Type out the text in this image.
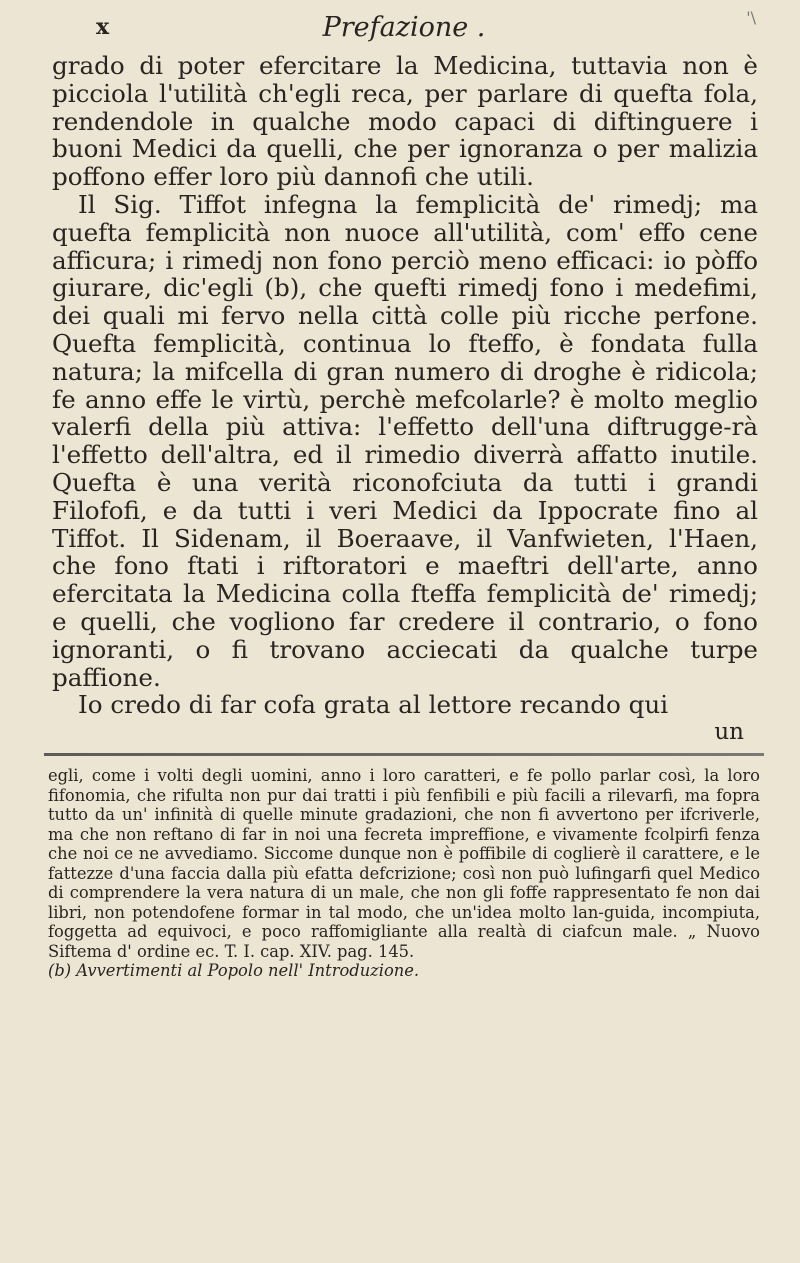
x	Prefazione .	'\

grado di poter efercitare la Medicina, tuttavia non è picciola l'utilità ch'egli reca, per parlare di quefta fola, rendendole in qualche modo capaci di diftinguere i buoni Medici da quelli, che per ignoranza o per malizia poffono effer loro più dannofi che utili.

Il Sig. Tiffot infegna la femplicità de' rimedj; ma quefta femplicità non nuoce all'utilità, com' effo cene afficura; i rimedj non fono perciò meno efficaci: io pòffo giurare, dic'egli (b), che quefti rimedj fono i medefimi, dei quali mi fervo nella città colle più ricche perfone. Quefta femplicità, continua lo fteffo, è fondata fulla natura; la mifcella di gran numero di droghe è ridicola; fe anno effe le virtù, perchè mefcolarle? è molto meglio valerfi della più attiva: l'effetto dell'una diftrugge-rà l'effetto dell'altra, ed il rimedio diverrà affatto inutile. Quefta è una verità riconofciuta da tutti i grandi Filofofi, e da tutti i veri Medici da Ippocrate fino al Tiffot. Il Sidenam, il Boeraave, il Vanfwieten, l'Haen, che fono ftati i riftoratori e maeftri dell'arte, anno efercitata la Medicina colla fteffa femplicità de' rimedj; e quelli, che vogliono far credere il contrario, o fono ignoranti, o fi trovano acciecati da qualche turpe paffione.

Io credo di far cofa grata al lettore recando qui

un

egli, come i volti degli uomini, anno i loro caratteri, e fe pollo parlar così, la loro fifonomia, che rifulta non pur dai tratti i più fenfibili e più facili a rilevarfi, ma fopra tutto da un' infinità di quelle minute gradazioni, che non fi avvertono per ifcriverle, ma che non reftano di far in noi una fecreta impreffione, e vivamente fcolpirfi fenza che noi ce ne avvediamo. Siccome dunque non è poffibile di coglierè il carattere, e le fattezze d'una faccia dalla più efatta defcrizione; così non può lufingarfi quel Medico di comprendere la vera natura di un male, che non gli foffe rappresentato fe non dai libri, non potendofene formar in tal modo, che un'idea molto lan-guida, incompiuta, foggetta ad equivoci, e poco raffomigliante alla realtà di ciafcun male. „ Nuovo Siftema d' ordine ec. T. I. cap. XIV. pag. 145.

(b) Avvertimenti al Popolo nell' Introduzione.
